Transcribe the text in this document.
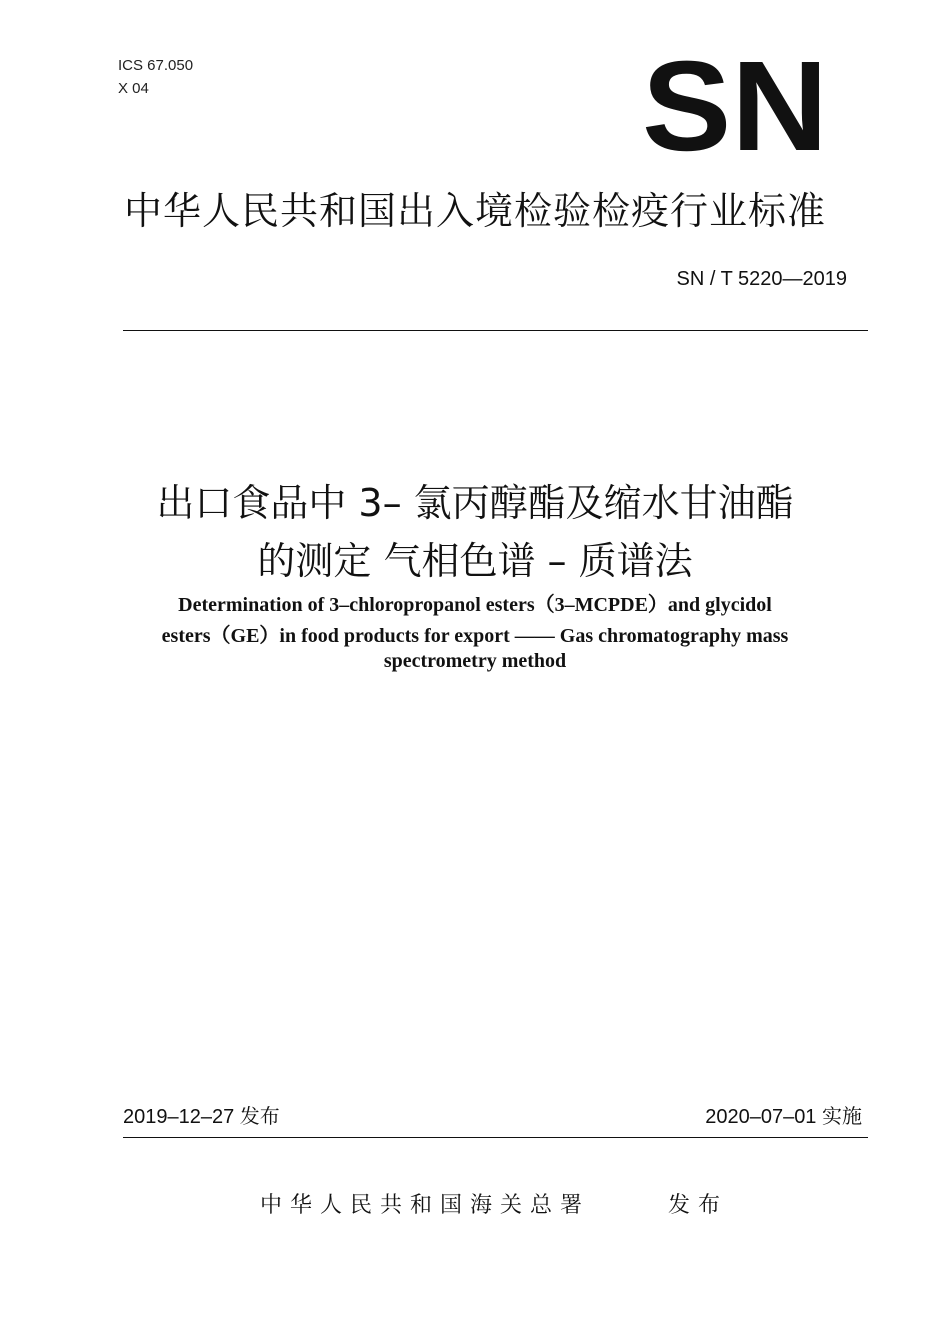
ICS 67.050
X 04	SN
中华人民共和国出入境检验检疫行业标准
SN / T 5220—2019
出口食品中 3– 氯丙醇酯及缩水甘油酯
的测定 气相色谱 – 质谱法
Determination of 3–chloropropanol esters（3–MCPDE）and glycidol
esters（GE）in food products for export —— Gas chromatography mass
spectrometry method
2019–12–27 发布	2020–07–01 实施
中华人民共和国海关总署	发布
